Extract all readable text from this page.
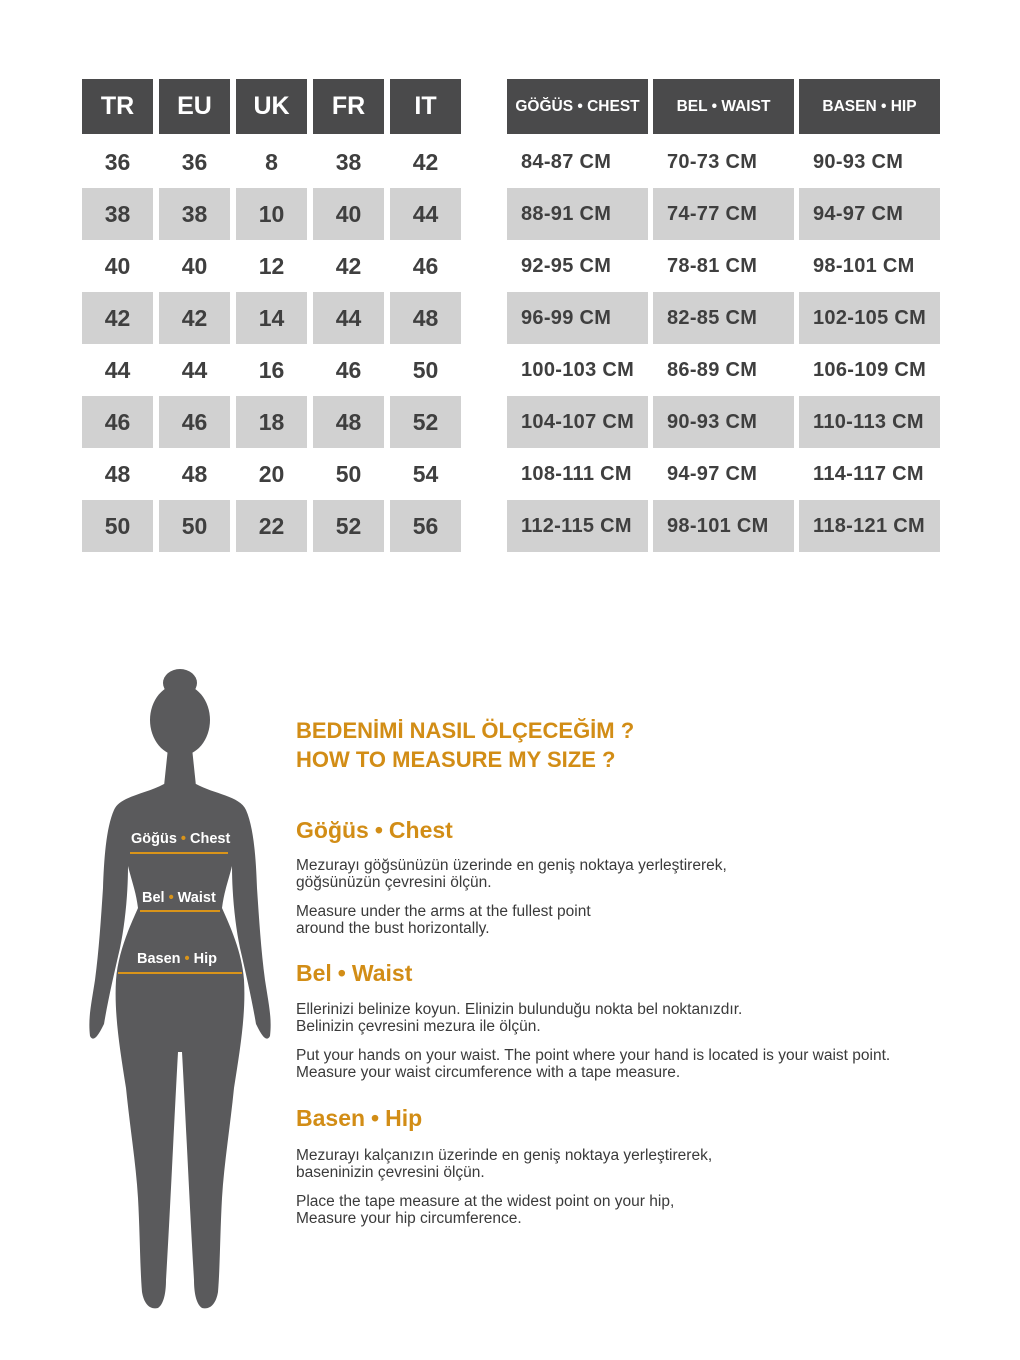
TR	EU	UK	FR	IT
36	36	8	38	42
38	38	10	40	44
40	40	12	42	46
42	42	14	44	48
44	44	16	46	50
46	46	18	48	52
48	48	20	50	54
50	50	22	52	56
GÖĞÜS • CHEST	BEL • WAIST	BASEN • HIP
84-87 CM	70-73 CM	90-93 CM
88-91 CM	74-77 CM	94-97 CM
92-95 CM	78-81 CM	98-101 CM
96-99 CM	82-85 CM	102-105 CM
100-103 CM	86-89 CM	106-109 CM
104-107 CM	90-93 CM	110-113 CM
108-111 CM	94-97 CM	114-117 CM
112-115 CM	98-101 CM	118-121 CM
Göğüs • Chest
Bel • Waist
Basen • Hip
BEDENİMİ NASIL ÖLÇECEĞİM ?
HOW TO MEASURE MY SIZE ?
Göğüs • Chest
Mezurayı göğsünüzün üzerinde en geniş noktaya yerleştirerek,
göğsünüzün çevresini ölçün.
Measure under the arms at the fullest point
around the bust horizontally.
Bel • Waist
Ellerinizi belinize koyun. Elinizin bulunduğu nokta bel noktanızdır.
Belinizin çevresini mezura ile ölçün.
Put your hands on your waist. The point where your hand is located is your waist point.
Measure your waist circumference with a tape measure.
Basen • Hip
Mezurayı kalçanızın üzerinde en geniş noktaya yerleştirerek,
baseninizin çevresini ölçün.
Place the tape measure at the widest point on your hip,
Measure your hip circumference.
